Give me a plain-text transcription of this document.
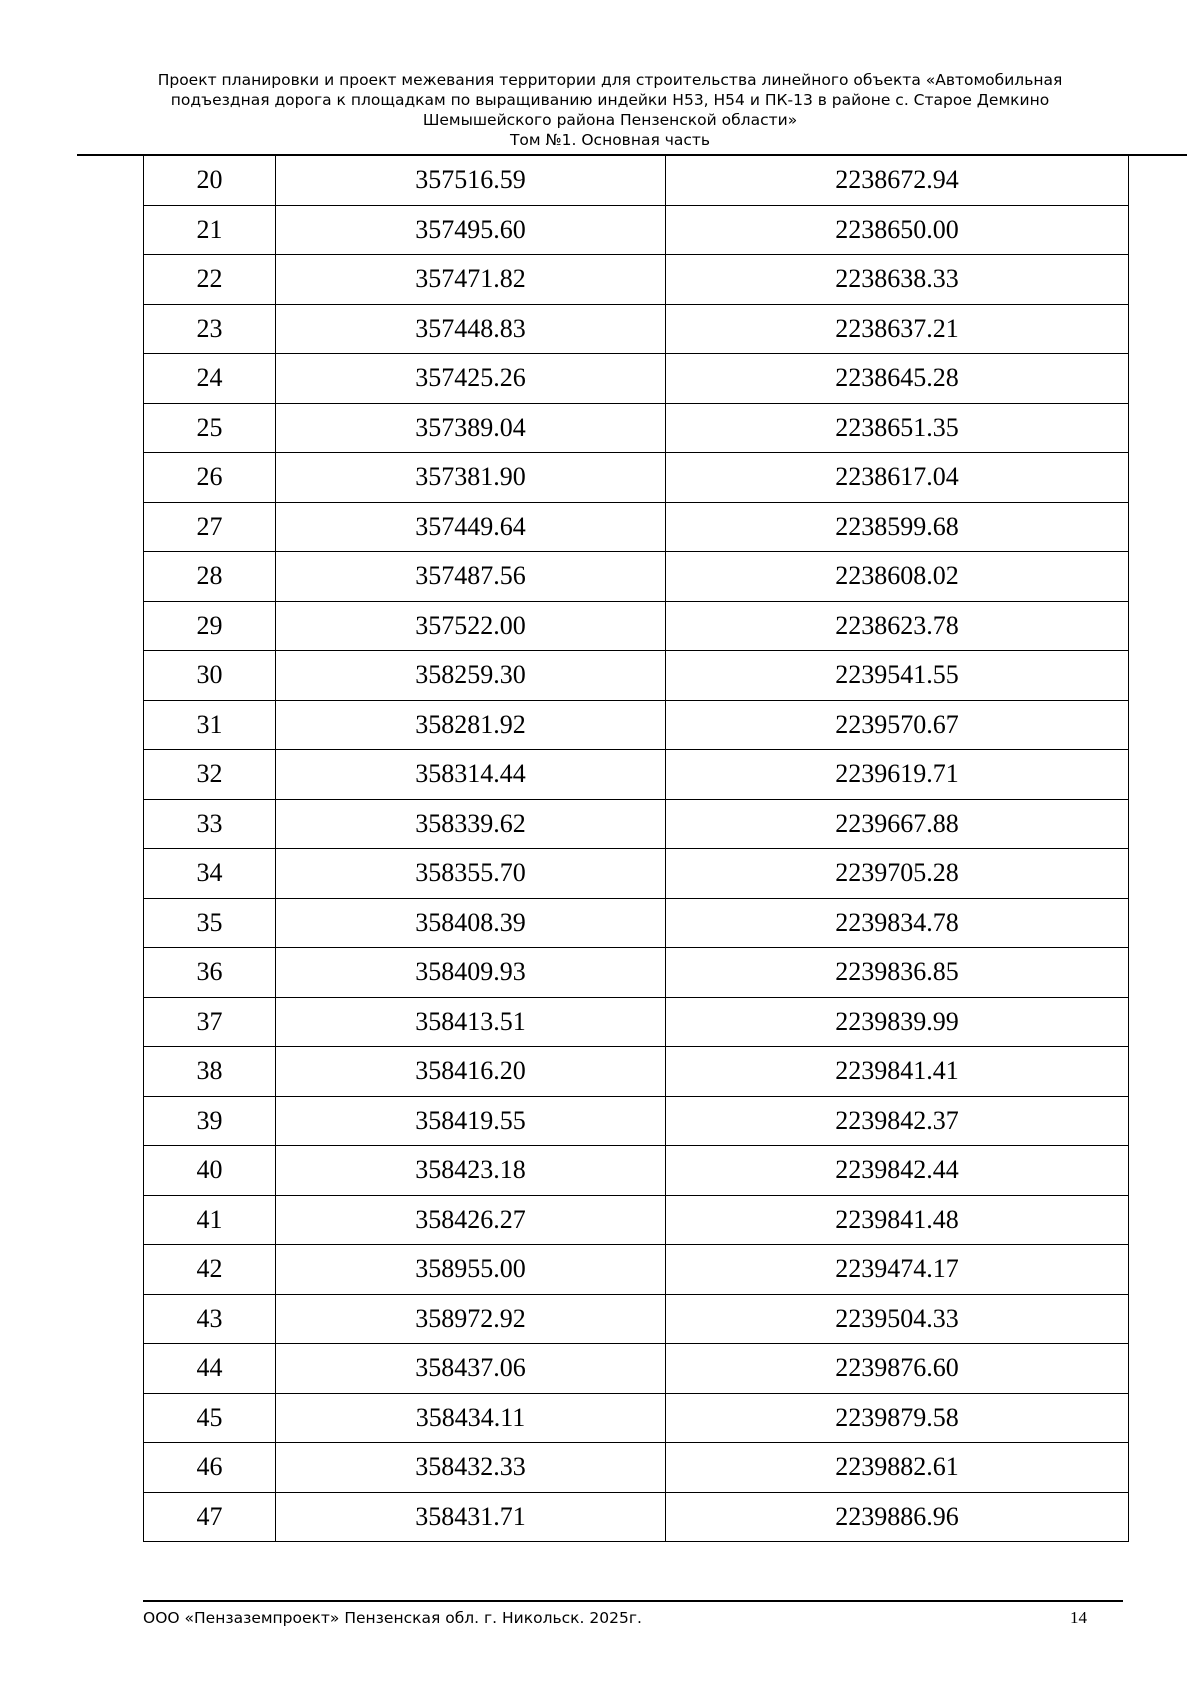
Проект планировки и проект межевания территории для строительства линейного объекта «Автомобильная
подъездная дорога к площадкам по выращиванию индейки Н53, Н54 и ПК-13 в районе с. Старое Демкино
Шемышейского района Пензенской области»
Том №1. Основная часть
20	357516.59	2238672.94
21	357495.60	2238650.00
22	357471.82	2238638.33
23	357448.83	2238637.21
24	357425.26	2238645.28
25	357389.04	2238651.35
26	357381.90	2238617.04
27	357449.64	2238599.68
28	357487.56	2238608.02
29	357522.00	2238623.78
30	358259.30	2239541.55
31	358281.92	2239570.67
32	358314.44	2239619.71
33	358339.62	2239667.88
34	358355.70	2239705.28
35	358408.39	2239834.78
36	358409.93	2239836.85
37	358413.51	2239839.99
38	358416.20	2239841.41
39	358419.55	2239842.37
40	358423.18	2239842.44
41	358426.27	2239841.48
42	358955.00	2239474.17
43	358972.92	2239504.33
44	358437.06	2239876.60
45	358434.11	2239879.58
46	358432.33	2239882.61
47	358431.71	2239886.96
ООО «Пензаземпроект» Пензенская обл. г. Никольск. 2025г.	14
